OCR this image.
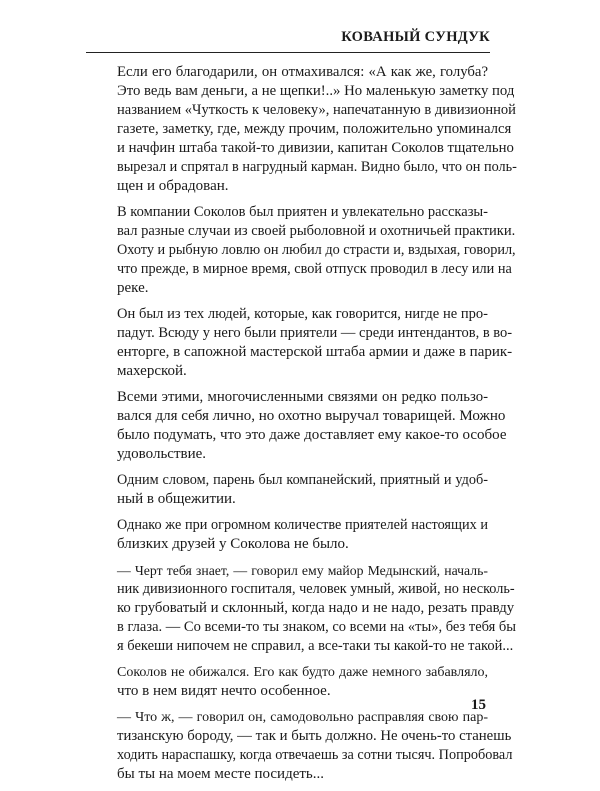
КОВАНЫЙ СУНДУК

Если его благодарили, он отмахивался: «А как же, голуба?
Это ведь вам деньги, а не щепки!..» Но маленькую заметку под
названием «Чуткость к человеку», напечатанную в дивизионной
газете, заметку, где, между прочим, положительно упоминался
и начфин штаба такой-то дивизии, капитан Соколов тщательно
вырезал и спрятал в нагрудный карман. Видно было, что он поль-
щен и обрадован.

В компании Соколов был приятен и увлекательно рассказы-
вал разные случаи из своей рыболовной и охотничьей практики.
Охоту и рыбную ловлю он любил до страсти и, вздыхая, говорил,
что прежде, в мирное время, свой отпуск проводил в лесу или на
реке.

Он был из тех людей, которые, как говорится, нигде не про-
падут. Всюду у него были приятели — среди интендантов, в во-
енторге, в сапожной мастерской штаба армии и даже в парик-
махерской.

Всеми этими, многочисленными связями он редко пользо-
вался для себя лично, но охотно выручал товарищей. Можно
было подумать, что это даже доставляет ему какое-то особое
удовольствие.

Одним словом, парень был компанейский, приятный и удоб-
ный в общежитии.

Однако же при огромном количестве приятелей настоящих и
близких друзей у Соколова не было.

— Черт тебя знает, — говорил ему майор Медынский, началь-
ник дивизионного госпиталя, человек умный, живой, но несколь-
ко грубоватый и склонный, когда надо и не надо, резать правду
в глаза. — Со всеми-то ты знаком, со всеми на «ты», без тебя бы
я бекеши нипочем не справил, а все-таки ты какой-то не такой...

Соколов не обижался. Его как будто даже немного забавляло,
что в нем видят нечто особенное.

— Что ж, — говорил он, самодовольно расправляя свою пар-
тизанскую бороду, — так и быть должно. Не очень-то станешь
ходить нараспашку, когда отвечаешь за сотни тысяч. Попробовал
бы ты на моем месте посидеть...

15
